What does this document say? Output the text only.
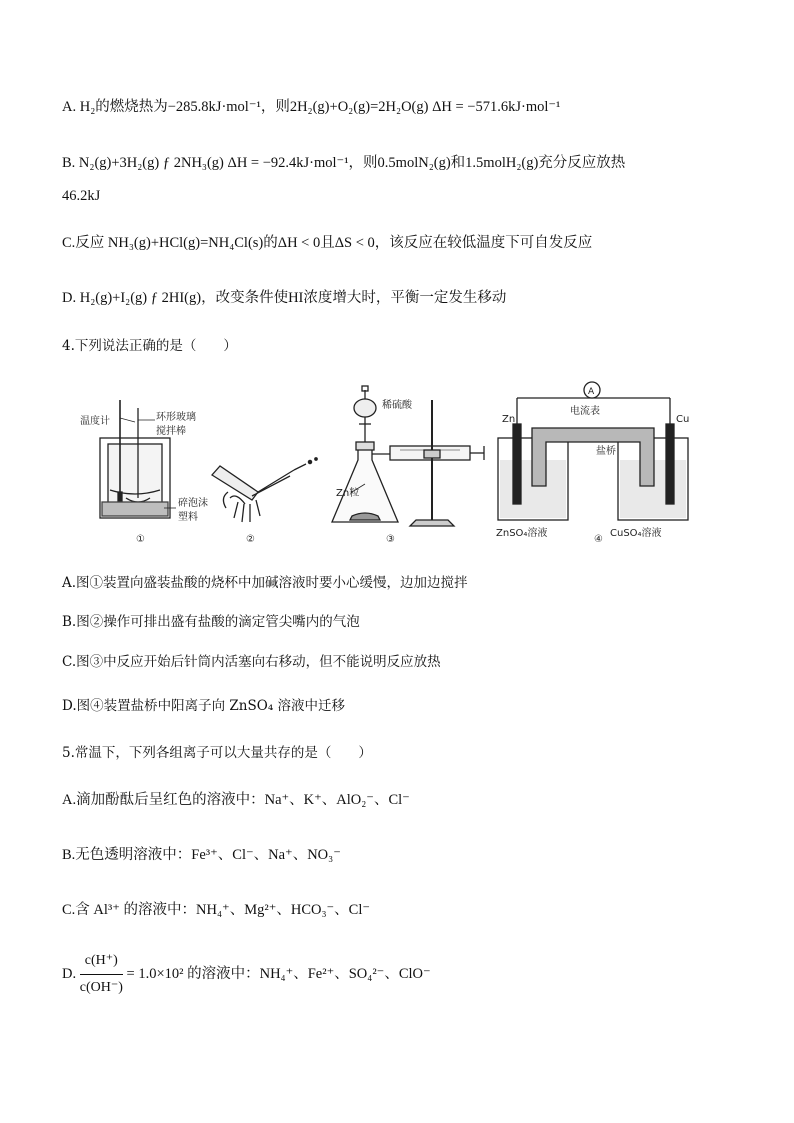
A. H₂的燃烧热为−285.8kJ·mol⁻¹，则2H₂(g)+O₂(g)=2H₂O(g) ΔH = −571.6kJ·mol⁻¹
B. N₂(g)+3H₂(g) ƒ 2NH₃(g) ΔH = −92.4kJ·mol⁻¹，则0.5molN₂(g)和1.5molH₂(g)充分反应放热
46.2kJ
C.反应 NH₃(g)+HCl(g)=NH₄Cl(s)的ΔH < 0且ΔS < 0，该反应在较低温度下可自发反应
D. H₂(g)+I₂(g) ƒ 2HI(g)，改变条件使HI浓度增大时，平衡一定发生移动
4.下列说法正确的是（　　）
温度计	环形玻璃
搅拌棒
碎泡沫
塑料
稀硫酸
Zn粒
A
电流表
Zn	Cu
盐桥
ZnSO₄溶液	CuSO₄溶液
①	②	③	④
A.图①装置向盛装盐酸的烧杯中加碱溶液时要小心缓慢，边加边搅拌
B.图②操作可排出盛有盐酸的滴定管尖嘴内的气泡
C.图③中反应开始后针筒内活塞向右移动，但不能说明反应放热
D.图④装置盐桥中阳离子向 ZnSO₄ 溶液中迁移
5.常温下，下列各组离子可以大量共存的是（　　）
A.滴加酚酞后呈红色的溶液中：Na⁺、K⁺、AlO₂⁻、Cl⁻
B.无色透明溶液中：Fe³⁺、Cl⁻、Na⁺、NO₃⁻
C.含 Al³⁺ 的溶液中：NH₄⁺、Mg²⁺、HCO₃⁻、Cl⁻
D. $\frac{c(H^+)}{c(OH^-)} = 1.0\times 10^2$ 的溶液中：NH₄⁺、Fe²⁺、SO₄²⁻、ClO⁻
